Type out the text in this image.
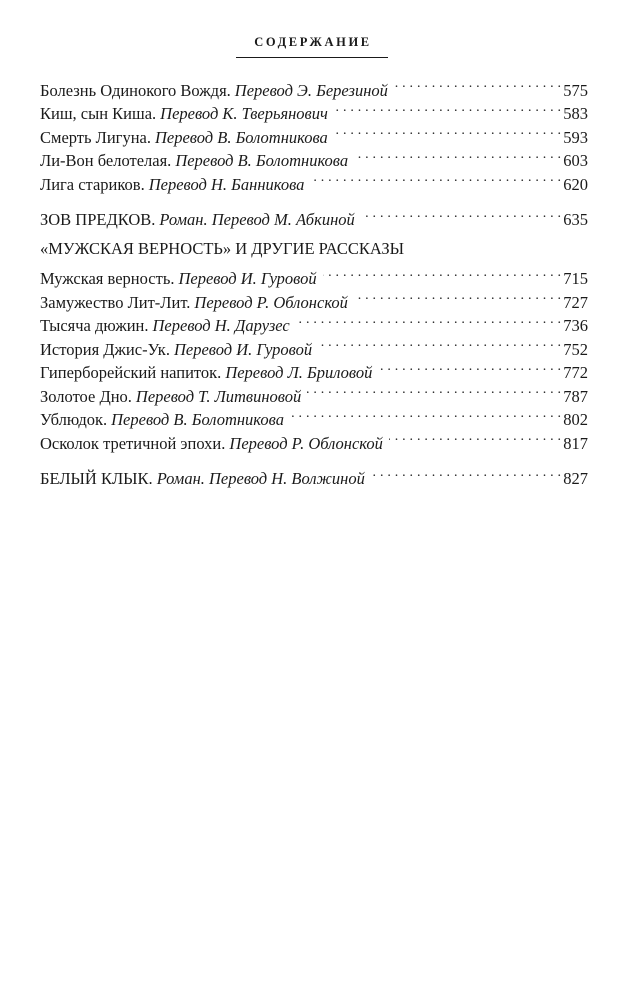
СОДЕРЖАНИЕ
Болезнь Одинокого Вождя. Перевод Э. Березиной . . .	575
Киш, сын Киша. Перевод К. Тверьянович . . .	583
Смерть Лигуна. Перевод В. Болотникова . . .	593
Ли-Вон белотелая. Перевод В. Болотникова . . .	603
Лига стариков. Перевод Н. Банникова . . .	620
ЗОВ ПРЕДКОВ. Роман. Перевод М. Абкиной . . .	635
«МУЖСКАЯ ВЕРНОСТЬ» И ДРУГИЕ РАССКАЗЫ
Мужская верность. Перевод И. Гуровой . . .	715
Замужество Лит-Лит. Перевод Р. Облонской . . .	727
Тысяча дюжин. Перевод Н. Дарузес . . .	736
История Джис-Ук. Перевод И. Гуровой . . .	752
Гиперборейский напиток. Перевод Л. Бриловой . . .	772
Золотое Дно. Перевод Т. Литвиновой . . .	787
Ублюдок. Перевод В. Болотникова . . .	802
Осколок третичной эпохи. Перевод Р. Облонской . . .	817
БЕЛЫЙ КЛЫК. Роман. Перевод Н. Волжиной . . .	827
